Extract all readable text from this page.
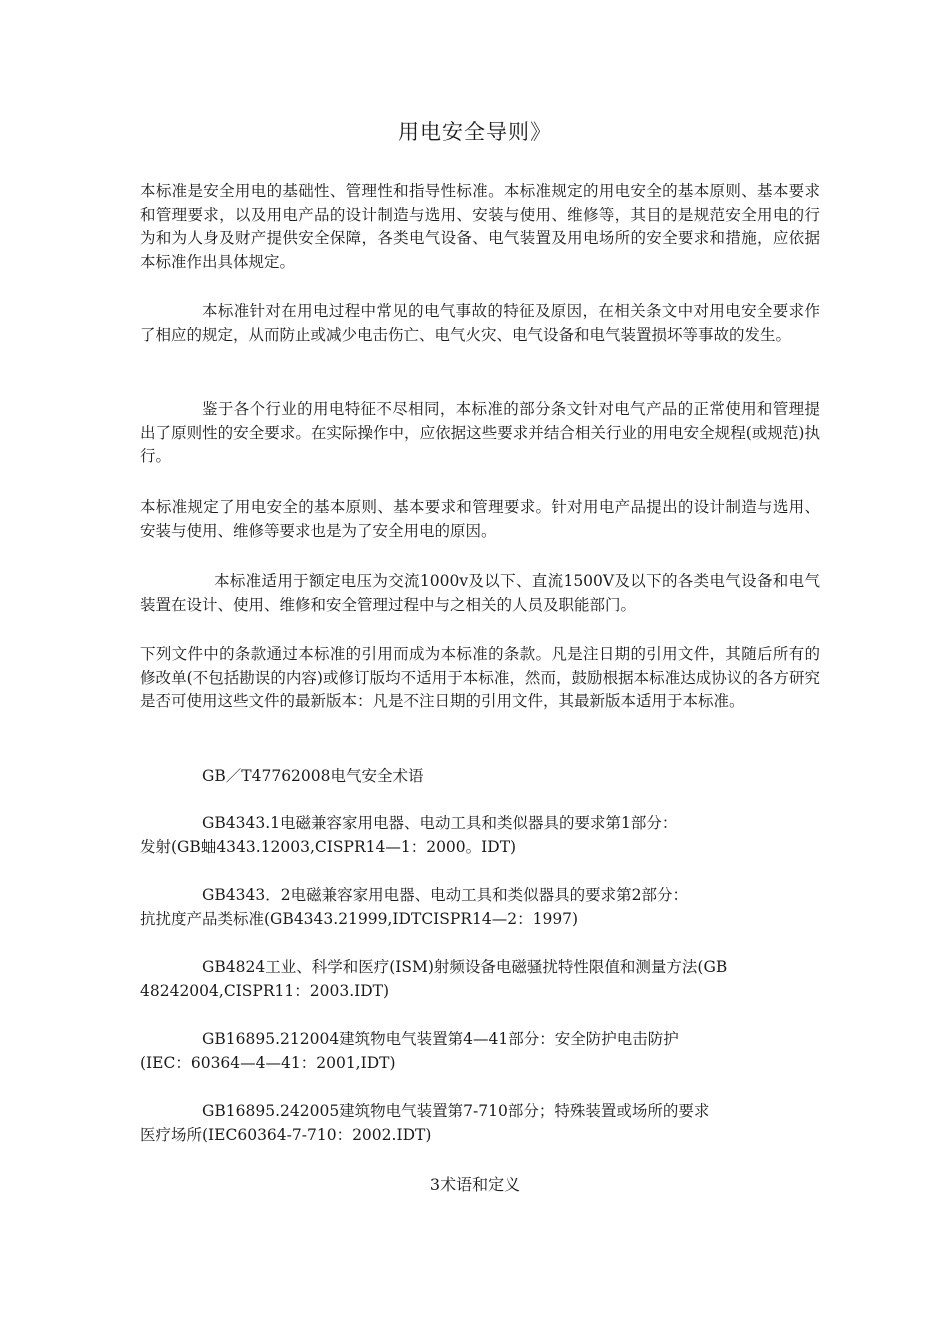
用电安全导则》

本标准是安全用电的基础性、管理性和指导性标准。本标准规定的用电安全的基本原则、基本要求和管理要求，以及用电产品的设计制造与选用、安装与使用、维修等，其目的是规范安全用电的行为和为人身及财产提供安全保障，各类电气设备、电气装置及用电场所的安全要求和措施，应依据本标准作出具体规定。

本标准针对在用电过程中常见的电气事故的特征及原因，在相关条文中对用电安全要求作了相应的规定，从而防止或减少电击伤亡、电气火灾、电气设备和电气装置损坏等事故的发生。

鉴于各个行业的用电特征不尽相同，本标准的部分条文针对电气产品的正常使用和管理提出了原则性的安全要求。在实际操作中，应依据这些要求并结合相关行业的用电安全规程(或规范)执行。

本标准规定了用电安全的基本原则、基本要求和管理要求。针对用电产品提出的设计制造与选用、安装与使用、维修等要求也是为了安全用电的原因。

本标准适用于额定电压为交流1000v及以下、直流1500V及以下的各类电气设备和电气装置在设计、使用、维修和安全管理过程中与之相关的人员及职能部门。

下列文件中的条款通过本标准的引用而成为本标准的条款。凡是注日期的引用文件，其随后所有的修改单(不包括勘误的内容)或修订版均不适用于本标准，然而，鼓励根据本标准达成协议的各方研究是否可使用这些文件的最新版本：凡是不注日期的引用文件，其最新版本适用于本标准。

GB／T47762008电气安全术语
GB4343.1电磁兼容家用电器、电动工具和类似器具的要求第1部分：
发射(GB蚰4343.12003,CISPR14—1：2000。IDT)
GB4343．2电磁兼容家用电器、电动工具和类似器具的要求第2部分：
抗扰度产品类标准(GB4343.21999,IDTCISPR14—2：1997)
GB4824工业、科学和医疗(ISM)射频设备电磁骚扰特性限值和测量方法(GB
48242004,CISPR11：2003.IDT)
GB16895.212004建筑物电气装置第4—41部分：安全防护电击防护
(IEC：60364—4—41：2001,IDT)
GB16895.242005建筑物电气装置第7-710部分；特殊装置或场所的要求
医疗场所(IEC60364-7-710：2002.IDT)
3术语和定义
